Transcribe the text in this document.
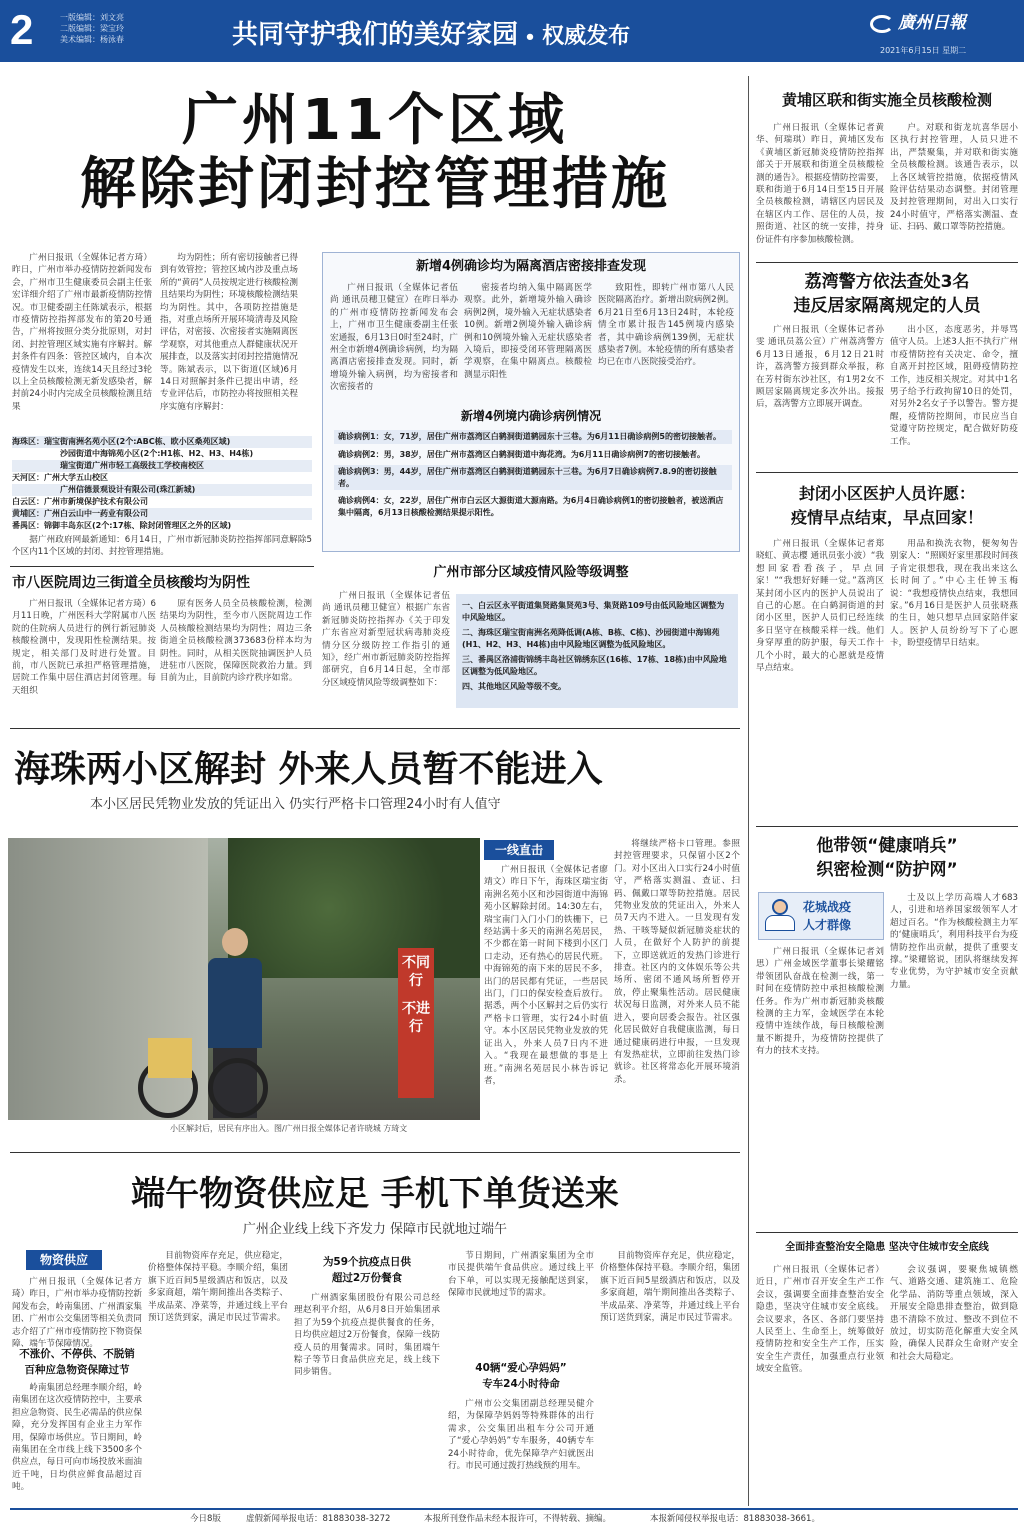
2	一版编辑：刘文亮
二版编辑：梁宝玲
美术编辑：杨泳春	共同守护我们的美好家园 • 权威发布	廣州日報
2021年6月15日 星期二
广州11个区域
解除封闭封控管理措施

广州日报讯（全媒体记者方琦）昨日，广州市举办疫情防控新闻发布会，广州市卫生健康委员会副主任张宏详细介绍了广州市最新疫情防控情况。市卫健委副主任陈斌表示，根据市疫情防控指挥部发布的第20号通告，广州将按照分类分批原则，对封闭、封控管理区域实施有序解封。解封条件有四条：管控区域内，自本次疫情发生以来，连续14天且经过3轮以上全员核酸检测无新发感染者，解封前24小时内完成全员核酸检测且结果

均为阴性；所有密切接触者已得到有效管控；管控区域内涉及重点场所的“黄码”人员按规定进行核酸检测且结果均为阴性；环境核酸检测结果均为阴性。其中，各项防控措施是指，对重点场所开展环境清毒及风险评估，对密接、次密接者实施隔离医学观察，对其他重点人群健康状况开展排查，以及落实封闭封控措施情况等。陈斌表示，以下街道(区域)6月14日对照解封条件已提出申请，经专业评估后，市防控办将按照相关程序实施有序解封：

海珠区：瑞宝街南洲名苑小区(2个:ABC栋、欧小区桑苑区域)
沙园街道中海锦苑小区(2个:H1栋、H2、H3、H4栋)
瑞宝街道广州市轻工高级技工学校南校区
天河区：广州大学五山校区
广州信德景观设计有限公司(珠江新城)
白云区：广州市新境保护技术有限公司
黄埔区：广州白云山中一药业有限公司
番禺区：锦御丰岛东区(2个:17栋、除封闭管理区之外的区域)

据广州政府网最新通知：6月14日，广州市新冠肺炎防控指挥部同意解除5个区内11个区域的封闭、封控管理措施。

市八医院周边三街道全员核酸均为阴性

广州日报讯（全媒体记者方琦）6月11日晚，广州医科大学附属市八医院的住院病人员进行的例行新冠肺炎核酸检测中，发现阳性检测结果。按规定，相关部门及时进行处置。目前，市八医院已承担严格管理措施，居院工作集中居住酒店封闭管理。每天组织

原有医务人员全员核酸检测，检测结果均为阴性，至今市八医院周边工作人员核酸检测结果均为阴性；周边三条街道全员核酸检测373683份样本均为阴性。同时，从相关医院抽调医护人员进驻市八医院，保障医院救治力量。到目前为止，目前院内诊疗秩序如常。

新增4例确诊均为隔离酒店密接排查发现

广州日报讯（全媒体记者伍尚 通讯员穗卫健宣）在昨日举办的广州市疫情防控新闻发布会上，广州市卫生健康委副主任张宏通报，6月13日0时至24时，广州全市新增4例确诊病例，均为隔离酒店密接排查发现。同时，新增境外输入病例，均为密接者和次密接者的

密接者均纳入集中隔离医学观察。此外，新增境外输入确诊病例2例，境外输入无症状感染者10例。新增2例境外输入确诊病例和10例境外输入无症状感染者入境后，即接受闭环管理隔离医学观察，在集中隔离点。核酸检测显示阳性

致阳性，即转广州市第八人民医院隔离治疗。新增出院病例2例。6月21日至6月13日24时，本轮疫情全市累计报告145例境内感染者，其中确诊病例139例，无症状感染者7例。本轮疫情的所有感染者均已在市八医院接受治疗。

新增4例境内确诊病例情况
确诊病例1：女，71岁，居住广州市荔湾区白鹤洞街道鹤园东十三巷。为6月11日确诊病例5的密切接触者。
确诊病例2：男，38岁，居住广州市荔湾区白鹤洞街道中海花湾。为6月11日确诊病例7的密切接触者。
确诊病例3：男，44岁，居住广州市荔湾区白鹤洞街道鹤园东十三巷。为6月7日确诊病例7.8.9的密切接触者。
确诊病例4：女，22岁，居住广州市白云区大源街道大源南路。为6月4日确诊病例1的密切接触者，被送酒店集中隔离，6月13日核酸检测结果提示阳性。
广州市部分区域疫情风险等级调整

广州日报讯（全媒体记者伍尚 通讯员穗卫健宣）根据广东省新冠肺炎防控指挥办《关于印发广东省应对新型冠状病毒肺炎疫情分区分级防控工作指引的通知》，经广州市新冠肺炎防控指挥部研究，自6月14日起，全市部分区域疫情风险等级调整如下：

一、白云区永平街道集贤路集贤苑3号、集贤路109号由低风险地区调整为中风险地区。
二、海珠区瑞宝街南洲名苑降低调(A栋、B栋、C栋)、沙园街道中海锦苑(H1、H2、H3、H4栋)由中风险地区调整为低风险地区。
三、番禺区洛浦街锦绣丰岛社区锦绣东区(16栋、17栋、18栋)由中风险地区调整为低风险地区。
四、其他地区风险等级不变。
海珠两小区解封 外来人员暂不能进入
本小区居民凭物业发放的凭证出入 仍实行严格卡口管理24小时有人值守
不同
行
不进
行
小区解封后，居民有序出入。图/广州日报全媒体记者许晓城 方琦文
一线直击

广州日报讯（全媒体记者廖靖文）昨日下午，海珠区瑞宝街南洲名苑小区和沙园街道中海锦苑小区解除封闭。14:30左右，瑞宝南门入门小门的铁栅下，已经站满十多天的南洲名苑居民，不少都在第一时间下楼到小区门口走动，还有热心的居民代班。中海锦苑的南下来的居民不多，出门的居民都有凭证，一些居民出门，门口的保安检查后放行。据悉，两个小区解封之后仍实行严格卡口管理，实行24小时值守。本小区居民凭物业发放的凭证出入，外来人员7日内不进入。“我现在最想做的事是上班。”南洲名苑居民小林告诉记者，

将继续严格卡口管理。参照封控管理要求，只保留小区2个门。对小区出入口实行24小时值守，严格落实测温、查证、扫码、佩戴口罩等防控措施。居民凭物业发放的凭证出入，外来人员7天内不进入。一旦发现有发热、干咳等疑似新冠肺炎症状的人员，在做好个人防护的前提下，立即送就近的发热门诊进行排查。社区内的文体娱乐等公共场所、密闭不通风场所暂停开放，停止聚集性活动。居民健康状况每日监测，对外来人员不能进入，要向居委会报告。社区强化居民做好自我健康监测，每日通过健康码进行申报，一旦发现有发热症状，立即前往发热门诊就诊。社区将常态化开展环境消杀。

端午物资供应足 手机下单货送来
广州企业线上线下齐发力 保障市民就地过端午
物资供应

广州日报讯（全媒体记者方琦）昨日，广州市举办疫情防控新闻发布会，岭南集团、广州酒家集团、广州市公交集团等相关负责同志介绍了广州市疫情防控下物资保障、端午节保障情况。

不涨价、不停供、不脱销
百种应急物资保障过节

岭南集团总经理李顺介绍，岭南集团在这次疫情防控中，主要承担应急物资、民生必需品的供应保障，充分发挥国有企业主力军作用，保障市场供应。节日期间，岭南集团在全市线上线下3500多个供应点，每日可向市场投放米面油近千吨，日均供应鲜食品超过百吨。

目前物资库存充足，供应稳定，价格整体保持平稳。李顺介绍，集团旗下近百间5星级酒店和饭店，以及多家商超，端午期间推出各类粽子、半成品菜、净菜等，并通过线上平台预订送货到家，满足市民过节需求。

为59个抗疫点日供
超过2万份餐食

广州酒家集团股份有限公司总经理赵利平介绍，从6月8日开始集团承担了为59个抗疫点提供餐食的任务，日均供应超过2万份餐食，保障一线防疫人员的用餐需求。同时，集团端午粽子等节日食品供应充足，线上线下同步销售。

节日期间，广州酒家集团为全市市民提供端午食品供应。通过线上平台下单，可以实现无接触配送到家，保障市民就地过节的需求。

40辆“爱心孕妈妈”
专车24小时待命

广州市公交集团副总经理吴健介绍，为保障孕妈妈等特殊群体的出行需求，公交集团出租车分公司开通了“爱心孕妈妈”专车服务，40辆专车24小时待命，优先保障孕产妇就医出行。市民可通过拨打热线预约用车。

目前物资库存充足，供应稳定，价格整体保持平稳。李顺介绍，集团旗下近百间5星级酒店和饭店，以及多家商超，端午期间推出各类粽子、半成品菜、净菜等，并通过线上平台预订送货到家，满足市民过节需求。

黄埔区联和街实施全员核酸检测

广州日报讯（全媒体记者黄华、何瑞琪）昨日，黄埔区发布《黄埔区新冠肺炎疫情防控指挥部关于开展联和街道全员核酸检测的通告》。根据疫情防控需要，联和街道于6月14日至15日开展全员核酸检测，请辖区内居民及在辖区内工作、居住的人员，按照街道、社区的统一安排，持身份证件有序参加核酸检测。

户。对联和街龙坑喜华居小区执行封控管理，人员只进不出，严禁聚集，并对联和街实施全员核酸检测。该通告表示，以上各区域管控措施，依据疫情风险评估结果动态调整。封闭管理及封控管理期间，对出入口实行24小时值守，严格落实测温、查证、扫码、戴口罩等防控措施。

荔湾警方依法查处3名
违反居家隔离规定的人员

广州日报讯（全媒体记者孙雯 通讯员荔公宣）广州荔湾警方6月13日通报，6月12日21时许，荔湾警方接到群众举报，称在芳村街东沙社区，有1男2女不顾居家隔离规定多次外出。接报后，荔湾警方立即展开调查。

出小区，态度恶劣，并辱骂值守人员。上述3人拒不执行广州市疫情防控有关决定、命令，擅自离开封控区域，阻碍疫情防控工作，违反相关规定。对其中1名男子给予行政拘留10日的处罚，对另外2名女子予以警告。警方提醒，疫情防控期间，市民应当自觉遵守防控规定，配合做好防疫工作。

封闭小区医护人员许愿：
疫情早点结束，早点回家！

广州日报讯（全媒体记者郑晓虹、黄志樱 通讯员张小波）“我想回家看看孩子，早点回家！”“我想好好睡一觉。”荔湾区某封闭小区内的医护人员说出了自己的心愿。在白鹤洞街道的封闭小区里，医护人员们已经连续多日坚守在核酸采样一线。他们身穿厚重的防护服，每天工作十几个小时，最大的心愿就是疫情早点结束。

用品和换洗衣物，便匆匆告别家人：“照顾好家里那段时间孩子肯定很想我，现在我出来这么长时间了。”中心主任钟玉梅说：“我想疫情快点结束，我想回家。”6月16日是医护人员张晓燕的生日，她只想早点回家陪伴家人。医护人员纷纷写下了心愿卡，盼望疫情早日结束。

他带领“健康哨兵”
织密检测“防护网”
花城战疫
人才群像

广州日报讯（全媒体记者刘思）广州金域医学董事长梁耀铭带领团队奋战在检测一线，第一时间在疫情防控中承担核酸检测任务。作为广州市新冠肺炎核酸检测的主力军，金域医学在本轮疫情中连续作战，每日核酸检测量不断提升，为疫情防控提供了有力的技术支持。

士及以上学历高端人才683人，引进和培养国家级领军人才超过百名。“作为核酸检测主力军的‘健康哨兵’，利用科技平台为疫情防控作出贡献，提供了重要支撑。”梁耀铭说，团队将继续发挥专业优势，为守护城市安全贡献力量。

全面排查整治安全隐患 坚决守住城市安全底线

广州日报讯（全媒体记者）近日，广州市召开安全生产工作会议，强调要全面排查整治安全隐患，坚决守住城市安全底线。会议要求，各区、各部门要坚持人民至上、生命至上，统筹做好疫情防控和安全生产工作，压实安全生产责任，加强重点行业领域安全监管。

会议强调，要聚焦城镇燃气、道路交通、建筑施工、危险化学品、消防等重点领域，深入开展安全隐患排查整治，做到隐患不清除不放过、整改不到位不放过，切实防范化解重大安全风险，确保人民群众生命财产安全和社会大局稳定。

今日8版	虚假新闻举报电话：81883038-3272	本报所刊登作品未经本报许可，不得转载、摘编。	本报新闻侵权举报电话：81883038-3661。
